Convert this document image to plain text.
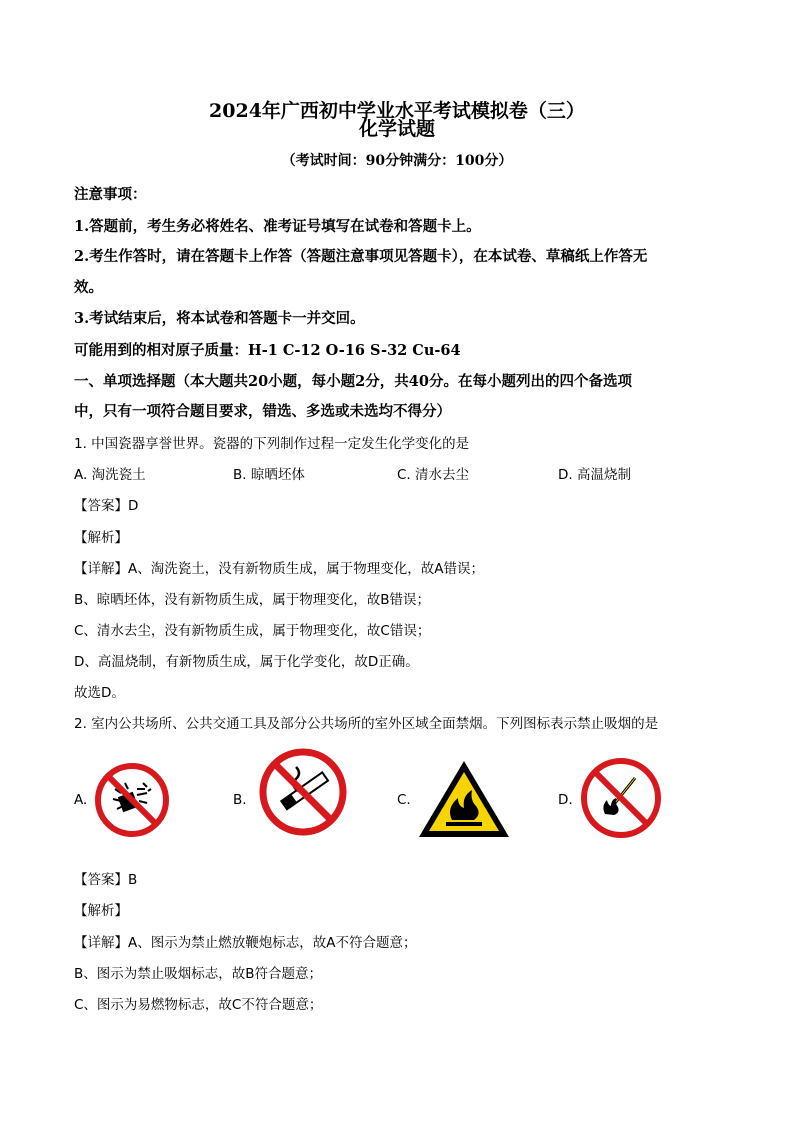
2024年广西初中学业水平考试模拟卷（三）
化学试题
（考试时间：90分钟满分：100分）
注意事项：
1.答题前，考生务必将姓名、准考证号填写在试卷和答题卡上。
2.考生作答时，请在答题卡上作答（答题注意事项见答题卡），在本试卷、草稿纸上作答无
效。
3.考试结束后，将本试卷和答题卡一并交回。
可能用到的相对原子质量：H-1 C-12 O-16 S-32 Cu-64
一、单项选择题（本大题共20小题，每小题2分，共40分。在每小题列出的四个备选项
中，只有一项符合题目要求，错选、多选或未选均不得分）
1. 中国瓷器享誉世界。瓷器的下列制作过程一定发生化学变化的是
A. 淘洗瓷土	B. 晾晒坯体	C. 清水去尘	D. 高温烧制
【答案】D
【解析】
【详解】A、淘洗瓷土，没有新物质生成，属于物理变化，故A错误；
B、晾晒坯体，没有新物质生成，属于物理变化，故B错误；
C、清水去尘，没有新物质生成，属于物理变化，故C错误；
D、高温烧制，有新物质生成，属于化学变化，故D正确。
故选D。
2. 室内公共场所、公共交通工具及部分公共场所的室外区域全面禁烟。下列图标表示禁止吸烟的是
A.	B.	C.	D.
【答案】B
【解析】
【详解】A、图示为禁止燃放鞭炮标志，故A不符合题意；
B、图示为禁止吸烟标志，故B符合题意；
C、图示为易燃物标志，故C不符合题意；
